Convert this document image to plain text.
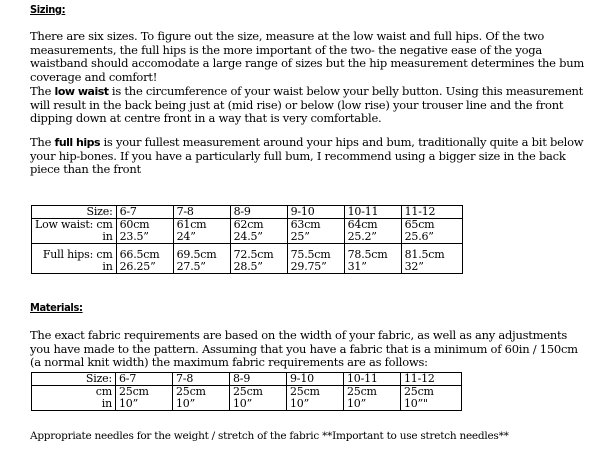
Sizing:
There are six sizes. To figure out the size, measure at the low waist and full hips. Of the two measurements, the full hips is the more important of the two- the negative ease of the yoga waistband should accomodate a large range of sizes but the hip measurement determines the bum coverage and comfort!
The low waist is the circumference of your waist below your belly button. Using this measurement will result in the back being just at (mid rise) or below (low rise) your trouser line and the front dipping down at centre front in a way that is very comfortable.
The full hips is your fullest measurement around your hips and bum, traditionally quite a bit below your hip-bones. If you have a particularly full bum, I recommend using a bigger size in the back piece than the front
Size:	6-7	7-8	8-9	9-10	10-11	11-12
Low waist: cm	60cm	61cm	62cm	63cm	64cm	65cm
in	23.5”	24”	24.5”	25”	25.2”	25.6”

Full hips: cm	66.5cm	69.5cm	72.5cm	75.5cm	78.5cm	81.5cm
in	26.25”	27.5”	28.5”	29.75”	31”	32”
Materials:
The exact fabric requirements are based on the width of your fabric, as well as any adjustments you have made to the pattern. Assuming that you have a fabric that is a minimum of 60in / 150cm (a normal knit width) the maximum fabric requirements are as follows:
Size:	6-7	7-8	8-9	9-10	10-11	11-12
cm	25cm	25cm	25cm	25cm	25cm	25cm
in	10”	10”	10”	10”	10”	10”"
Appropriate needles for the weight / stretch of the fabric **Important to use stretch needles**
